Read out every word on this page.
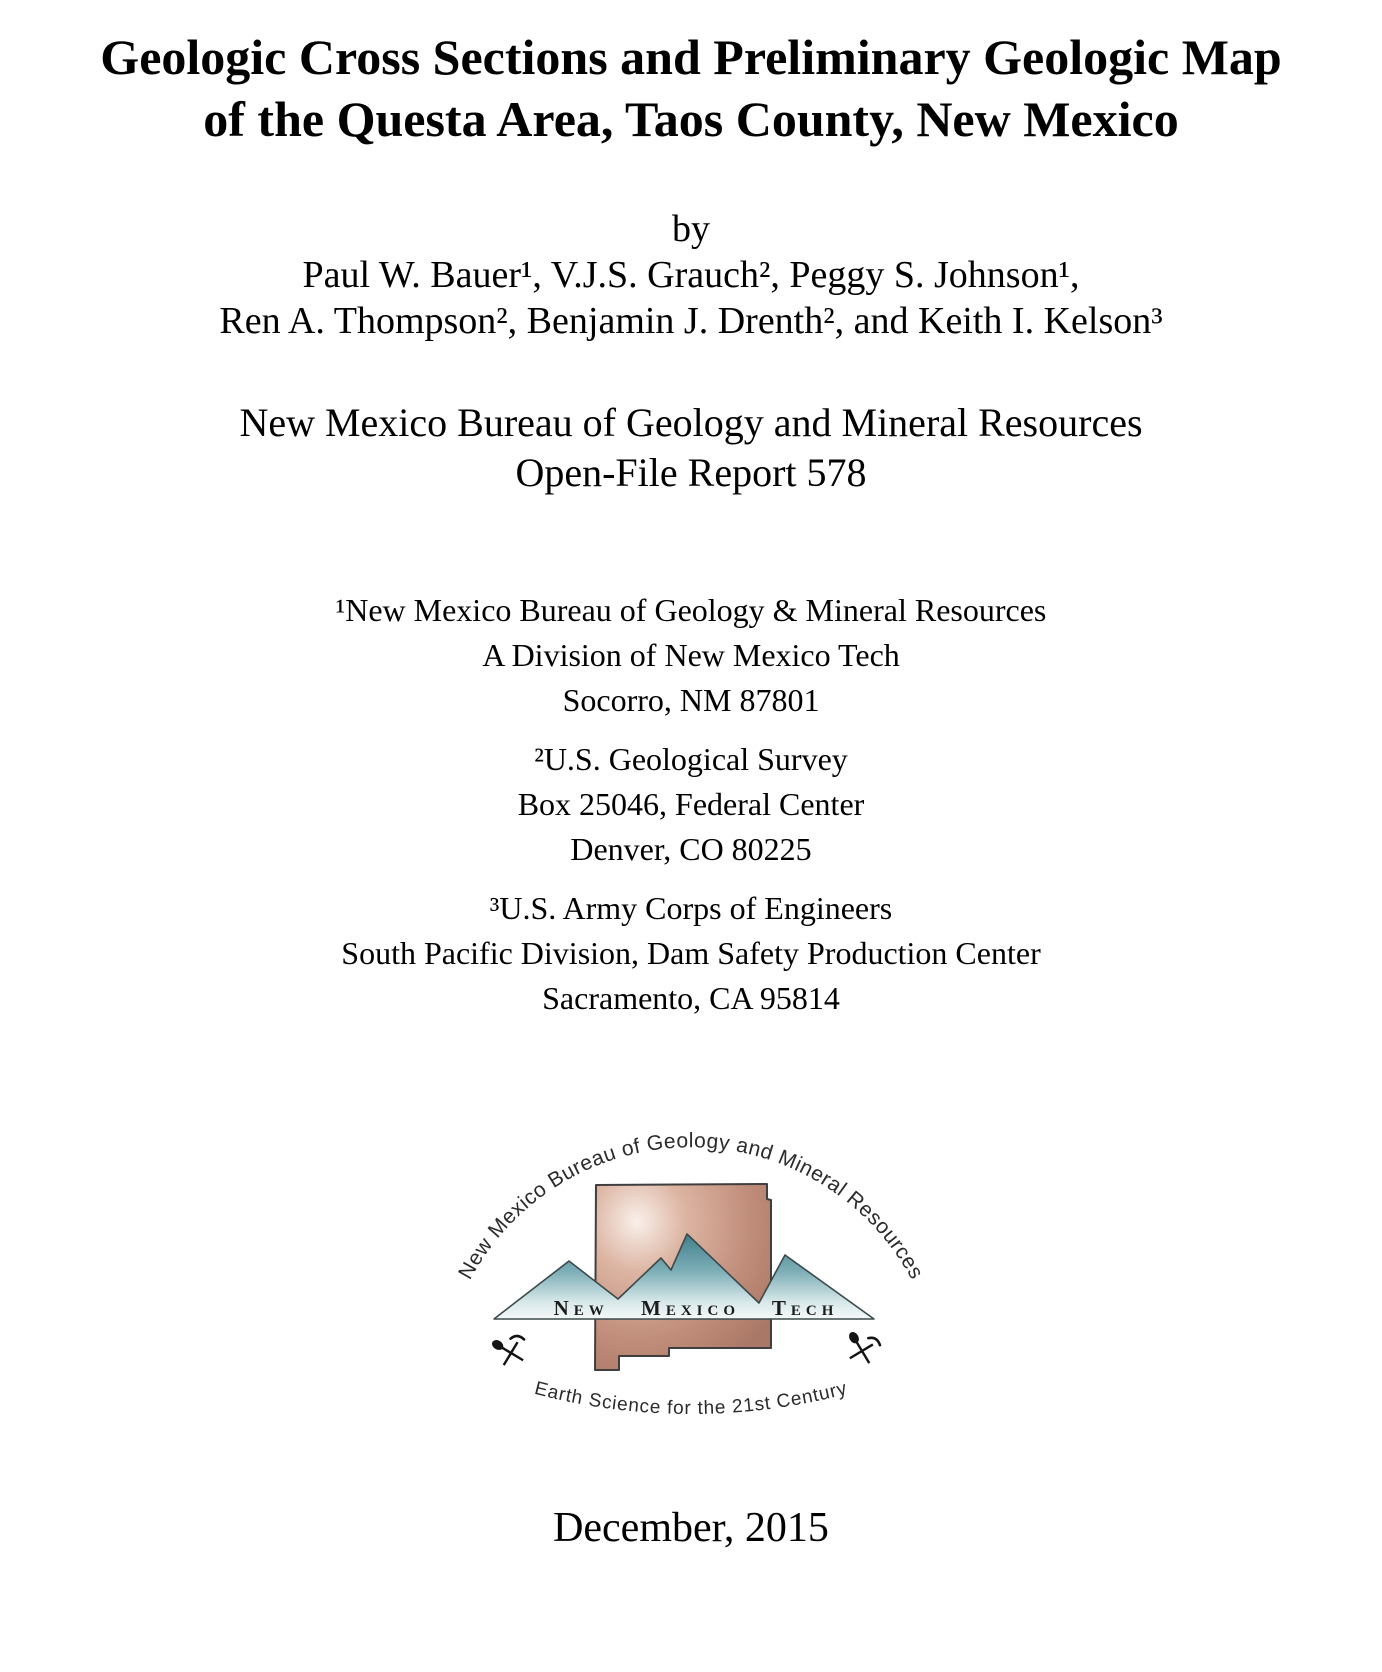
Geologic Cross Sections and Preliminary Geologic Map
of the Questa Area, Taos County, New Mexico
by
Paul W. Bauer¹, V.J.S. Grauch², Peggy S. Johnson¹,
Ren A. Thompson², Benjamin J. Drenth², and Keith I. Kelson³
New Mexico Bureau of Geology and Mineral Resources
Open-File Report 578
¹New Mexico Bureau of Geology & Mineral Resources
A Division of New Mexico Tech
Socorro, NM 87801
²U.S. Geological Survey
Box 25046, Federal Center
Denver, CO 80225
³U.S. Army Corps of Engineers
South Pacific Division, Dam Safety Production Center
Sacramento, CA 95814
New Mexico Tech
New Mexico Bureau of Geology and Mineral Resources
Earth Science for the 21st Century
December, 2015
